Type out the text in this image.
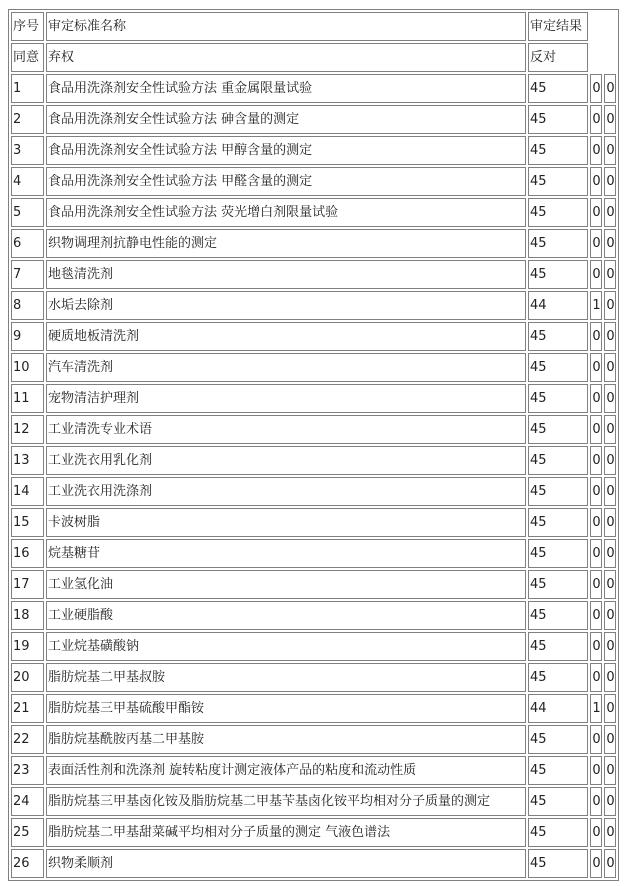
序号	审定标准名称	审定结果		
同意	弃权	反对		
1	食品用洗涤剂安全性试验方法 重金属限量试验	45	0	0
2	食品用洗涤剂安全性试验方法 砷含量的测定	45	0	0
3	食品用洗涤剂安全性试验方法 甲醇含量的测定	45	0	0
4	食品用洗涤剂安全性试验方法 甲醛含量的测定	45	0	0
5	食品用洗涤剂安全性试验方法 荧光增白剂限量试验	45	0	0
6	织物调理剂抗静电性能的测定	45	0	0
7	地毯清洗剂	45	0	0
8	水垢去除剂	44	1	0
9	硬质地板清洗剂	45	0	0
10	汽车清洗剂	45	0	0
11	宠物清洁护理剂	45	0	0
12	工业清洗专业术语	45	0	0
13	工业洗衣用乳化剂	45	0	0
14	工业洗衣用洗涤剂	45	0	0
15	卡波树脂	45	0	0
16	烷基糖苷	45	0	0
17	工业氢化油	45	0	0
18	工业硬脂酸	45	0	0
19	工业烷基磺酸钠	45	0	0
20	脂肪烷基二甲基叔胺	45	0	0
21	脂肪烷基三甲基硫酸甲酯铵	44	1	0
22	脂肪烷基酰胺丙基二甲基胺	45	0	0
23	表面活性剂和洗涤剂 旋转粘度计测定液体产品的粘度和流动性质	45	0	0
24	脂肪烷基三甲基卤化铵及脂肪烷基二甲基苄基卤化铵平均相对分子质量的测定	45	0	0
25	脂肪烷基二甲基甜菜碱平均相对分子质量的测定 气液色谱法	45	0	0
26	织物柔顺剂	45	0	0
